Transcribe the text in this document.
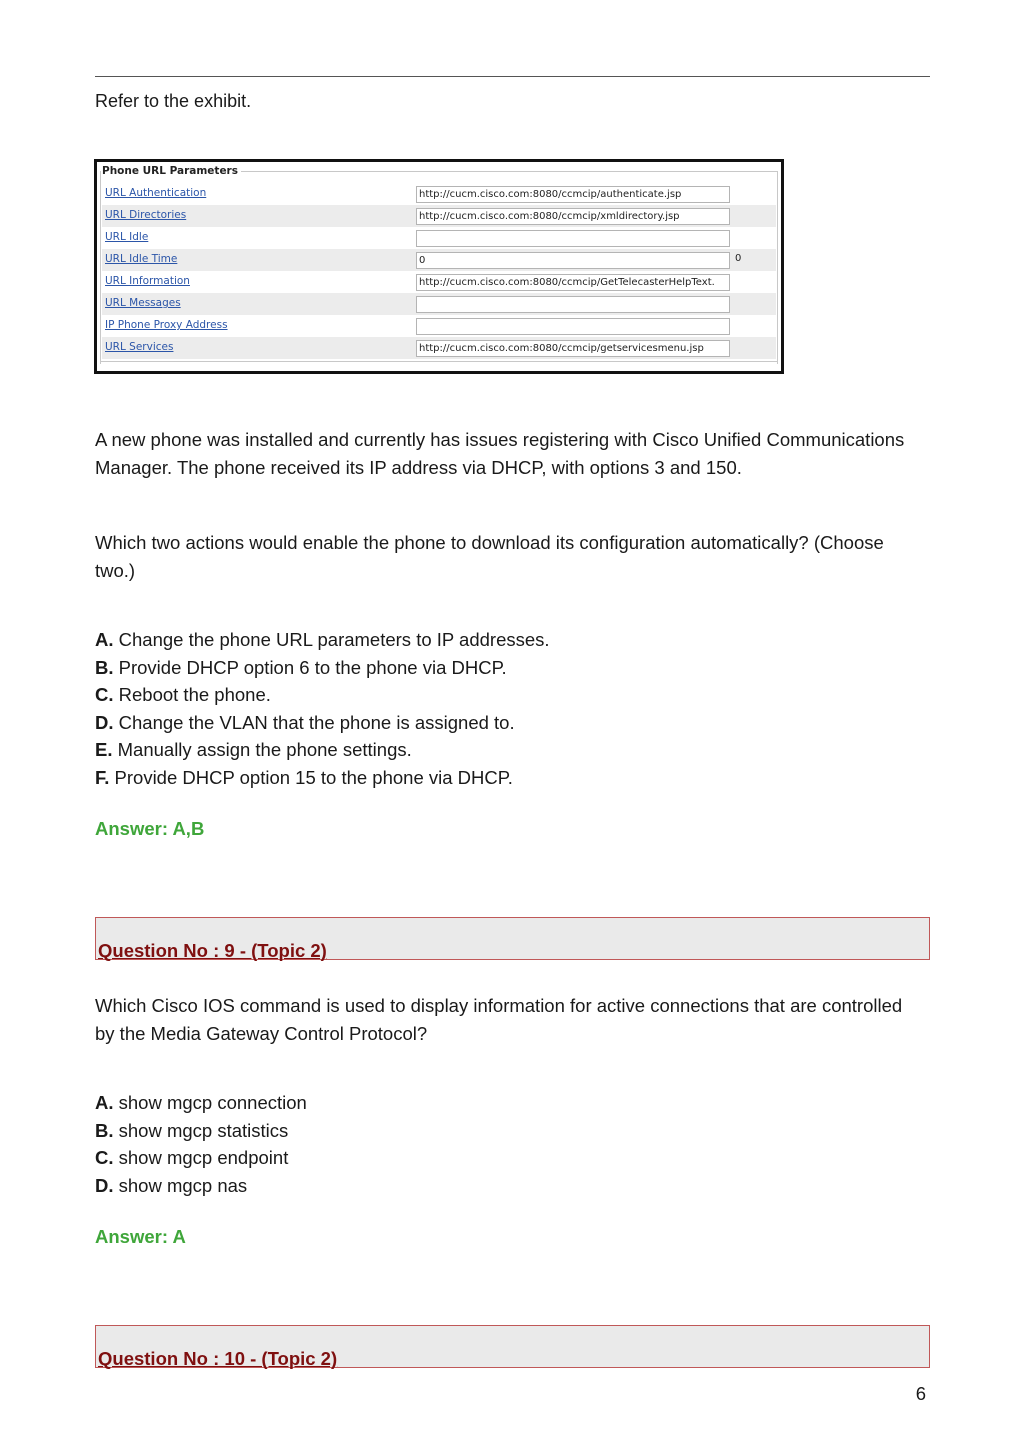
Refer to the exhibit.
Phone URL Parameters
URL Authentication	http://cucm.cisco.com:8080/ccmcip/authenticate.jsp
URL Directories	http://cucm.cisco.com:8080/ccmcip/xmldirectory.jsp
URL Idle
URL Idle Time	0	0
URL Information	http://cucm.cisco.com:8080/ccmcip/GetTelecasterHelpText.
URL Messages
IP Phone Proxy Address
URL Services	http://cucm.cisco.com:8080/ccmcip/getservicesmenu.jsp
A new phone was installed and currently has issues registering with Cisco Unified Communications Manager. The phone received its IP address via DHCP, with options 3 and 150.
Which two actions would enable the phone to download its configuration automatically? (Choose two.)
A. Change the phone URL parameters to IP addresses.
B. Provide DHCP option 6 to the phone via DHCP.
C. Reboot the phone.
D. Change the VLAN that the phone is assigned to.
E. Manually assign the phone settings.
F. Provide DHCP option 15 to the phone via DHCP.
Answer: A,B
Question No : 9 - (Topic 2)
Which Cisco IOS command is used to display information for active connections that are controlled by the Media Gateway Control Protocol?
A. show mgcp connection
B. show mgcp statistics
C. show mgcp endpoint
D. show mgcp nas
Answer: A
Question No : 10 - (Topic 2)
6
